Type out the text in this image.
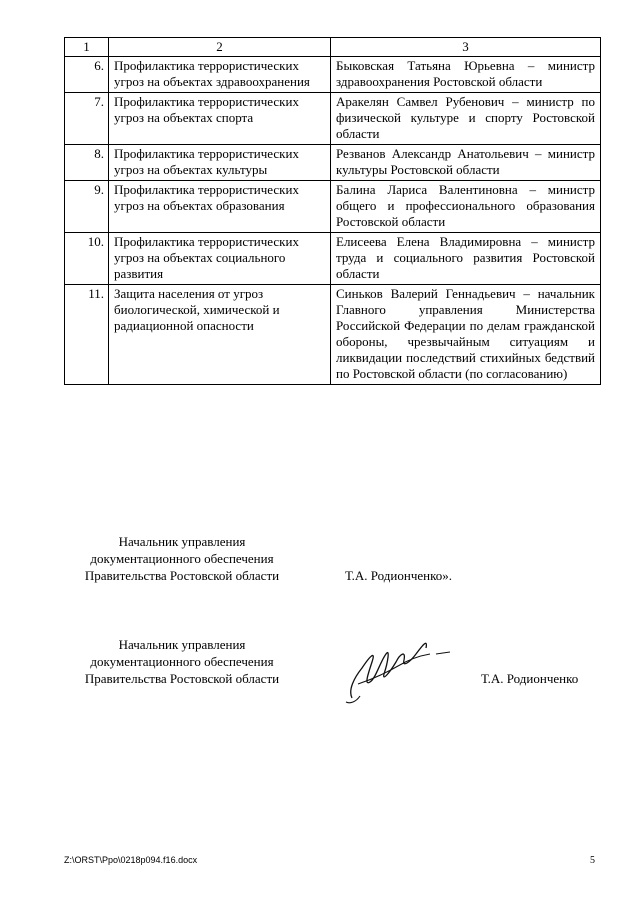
1	2	3
6.	Профилактика террористических угроз на объектах здравоохранения	Быковская Татьяна Юрьевна – министр здравоохранения Ростовской области
7.	Профилактика террористических угроз на объектах спорта	Аракелян Самвел Рубенович – министр по физической культуре и спорту Ростовской области
8.	Профилактика террористических угроз на объектах культуры	Резванов Александр Анатольевич – министр культуры Ростовской области
9.	Профилактика террористических угроз на объектах образования	Балина Лариса Валентиновна – министр общего и профессионального образования Ростовской области
10.	Профилактика террористических угроз на объектах социального развития	Елисеева Елена Владимировна – министр труда и социального развития Ростовской области
11.	Защита населения от угроз биологической, химической и радиационной опасности	Синьков Валерий Геннадьевич – начальник Главного управления Министерства Российской Федерации по делам гражданской обороны, чрезвычайным ситуациям и ликвидации последствий стихийных бедствий по Ростовской области (по согласованию)
Начальник управления
документационного обеспечения
Правительства Ростовской области	Т.А. Родионченко».
Начальник управления
документационного обеспечения
Правительства Ростовской области	Т.А. Родионченко
Z:\ORST\Ppo\0218p094.f16.docx	5
